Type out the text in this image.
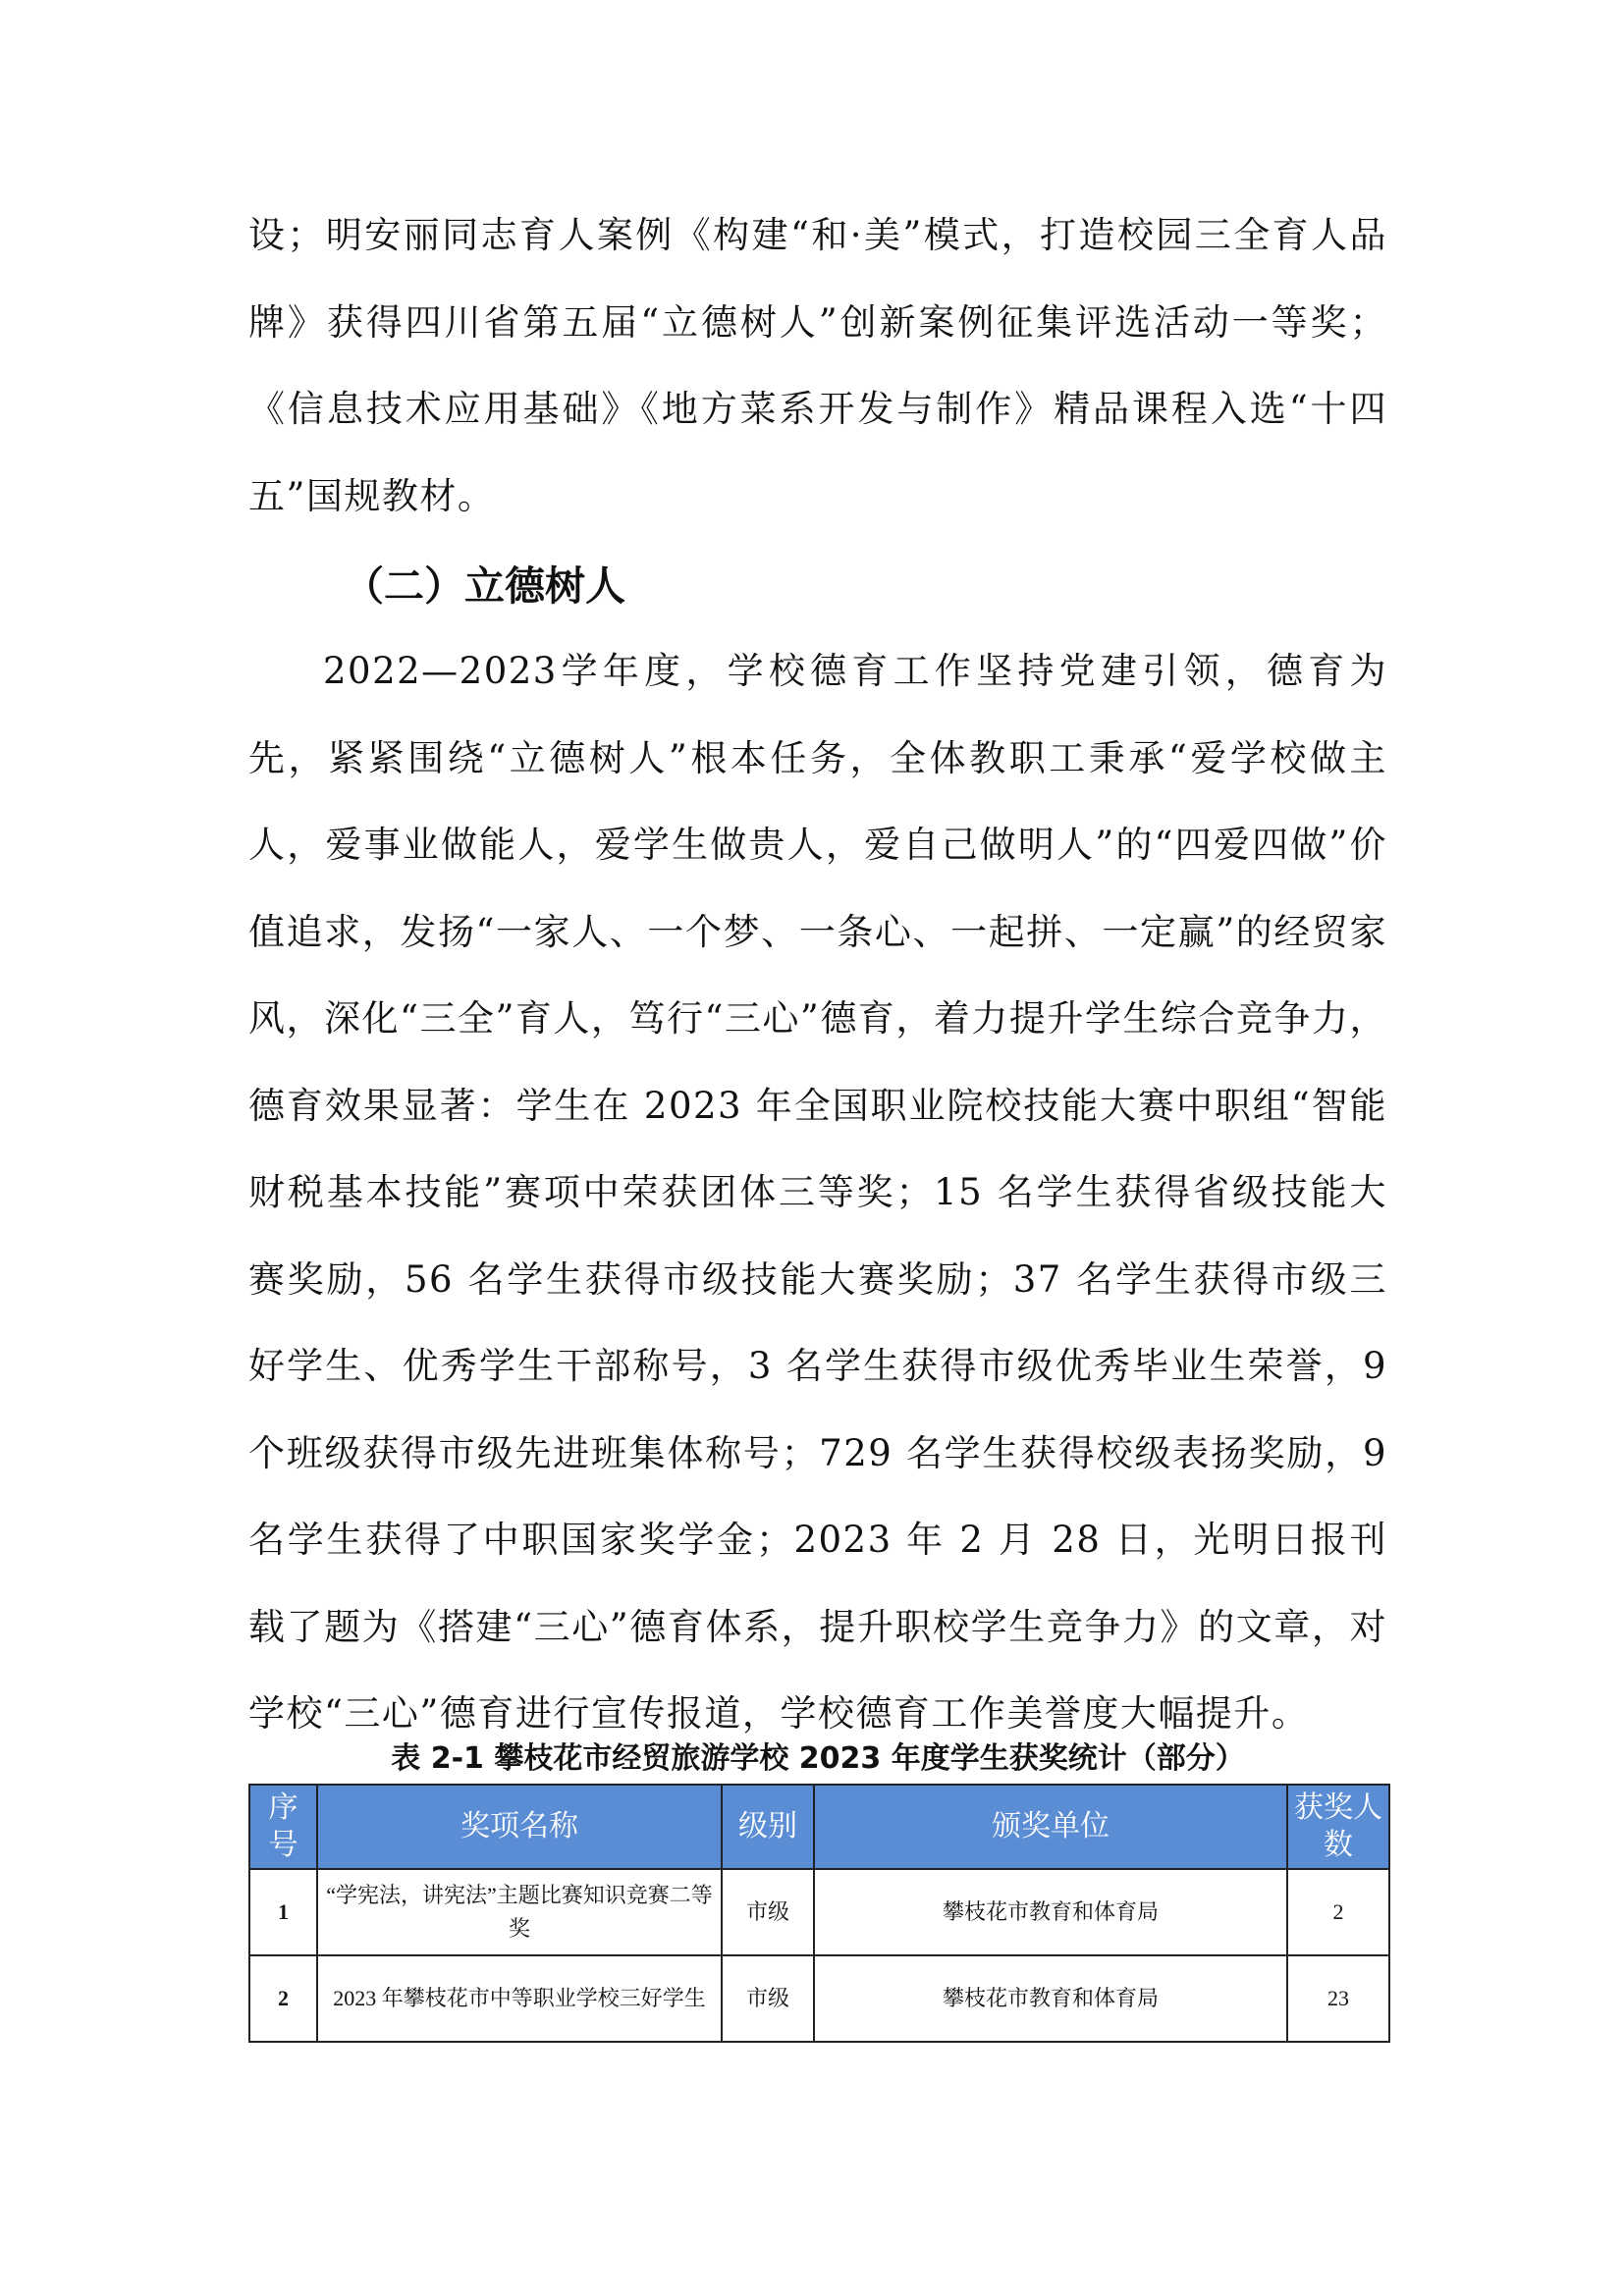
设；明安丽同志育人案例《构建“和·美”模式，打造校园三全育人品牌》获得四川省第五届“立德树人”创新案例征集评选活动一等奖；《信息技术应用基础》《地方菜系开发与制作》精品课程入选“十四五”国规教材。

（二）立德树人

2022—2023学年度，学校德育工作坚持党建引领，德育为先，紧紧围绕“立德树人”根本任务，全体教职工秉承“爱学校做主人，爱事业做能人，爱学生做贵人，爱自己做明人”的“四爱四做”价值追求，发扬“一家人、一个梦、一条心、一起拼、一定赢”的经贸家风，深化“三全”育人，笃行“三心”德育，着力提升学生综合竞争力，德育效果显著：学生在 2023 年全国职业院校技能大赛中职组“智能财税基本技能”赛项中荣获团体三等奖；15 名学生获得省级技能大赛奖励，56 名学生获得市级技能大赛奖励；37 名学生获得市级三好学生、优秀学生干部称号，3 名学生获得市级优秀毕业生荣誉，9 个班级获得市级先进班集体称号；729 名学生获得校级表扬奖励，9 名学生获得了中职国家奖学金；2023 年 2 月 28 日，光明日报刊载了题为《搭建“三心”德育体系，提升职校学生竞争力》的文章，对学校“三心”德育进行宣传报道，学校德育工作美誉度大幅提升。

表 2-1 攀枝花市经贸旅游学校 2023 年度学生获奖统计（部分）
序号	奖项名称	级别	颁奖单位	获奖人数
1	“学宪法，讲宪法”主题比赛知识竞赛二等奖	市级	攀枝花市教育和体育局	2
2	2023 年攀枝花市中等职业学校三好学生	市级	攀枝花市教育和体育局	23
